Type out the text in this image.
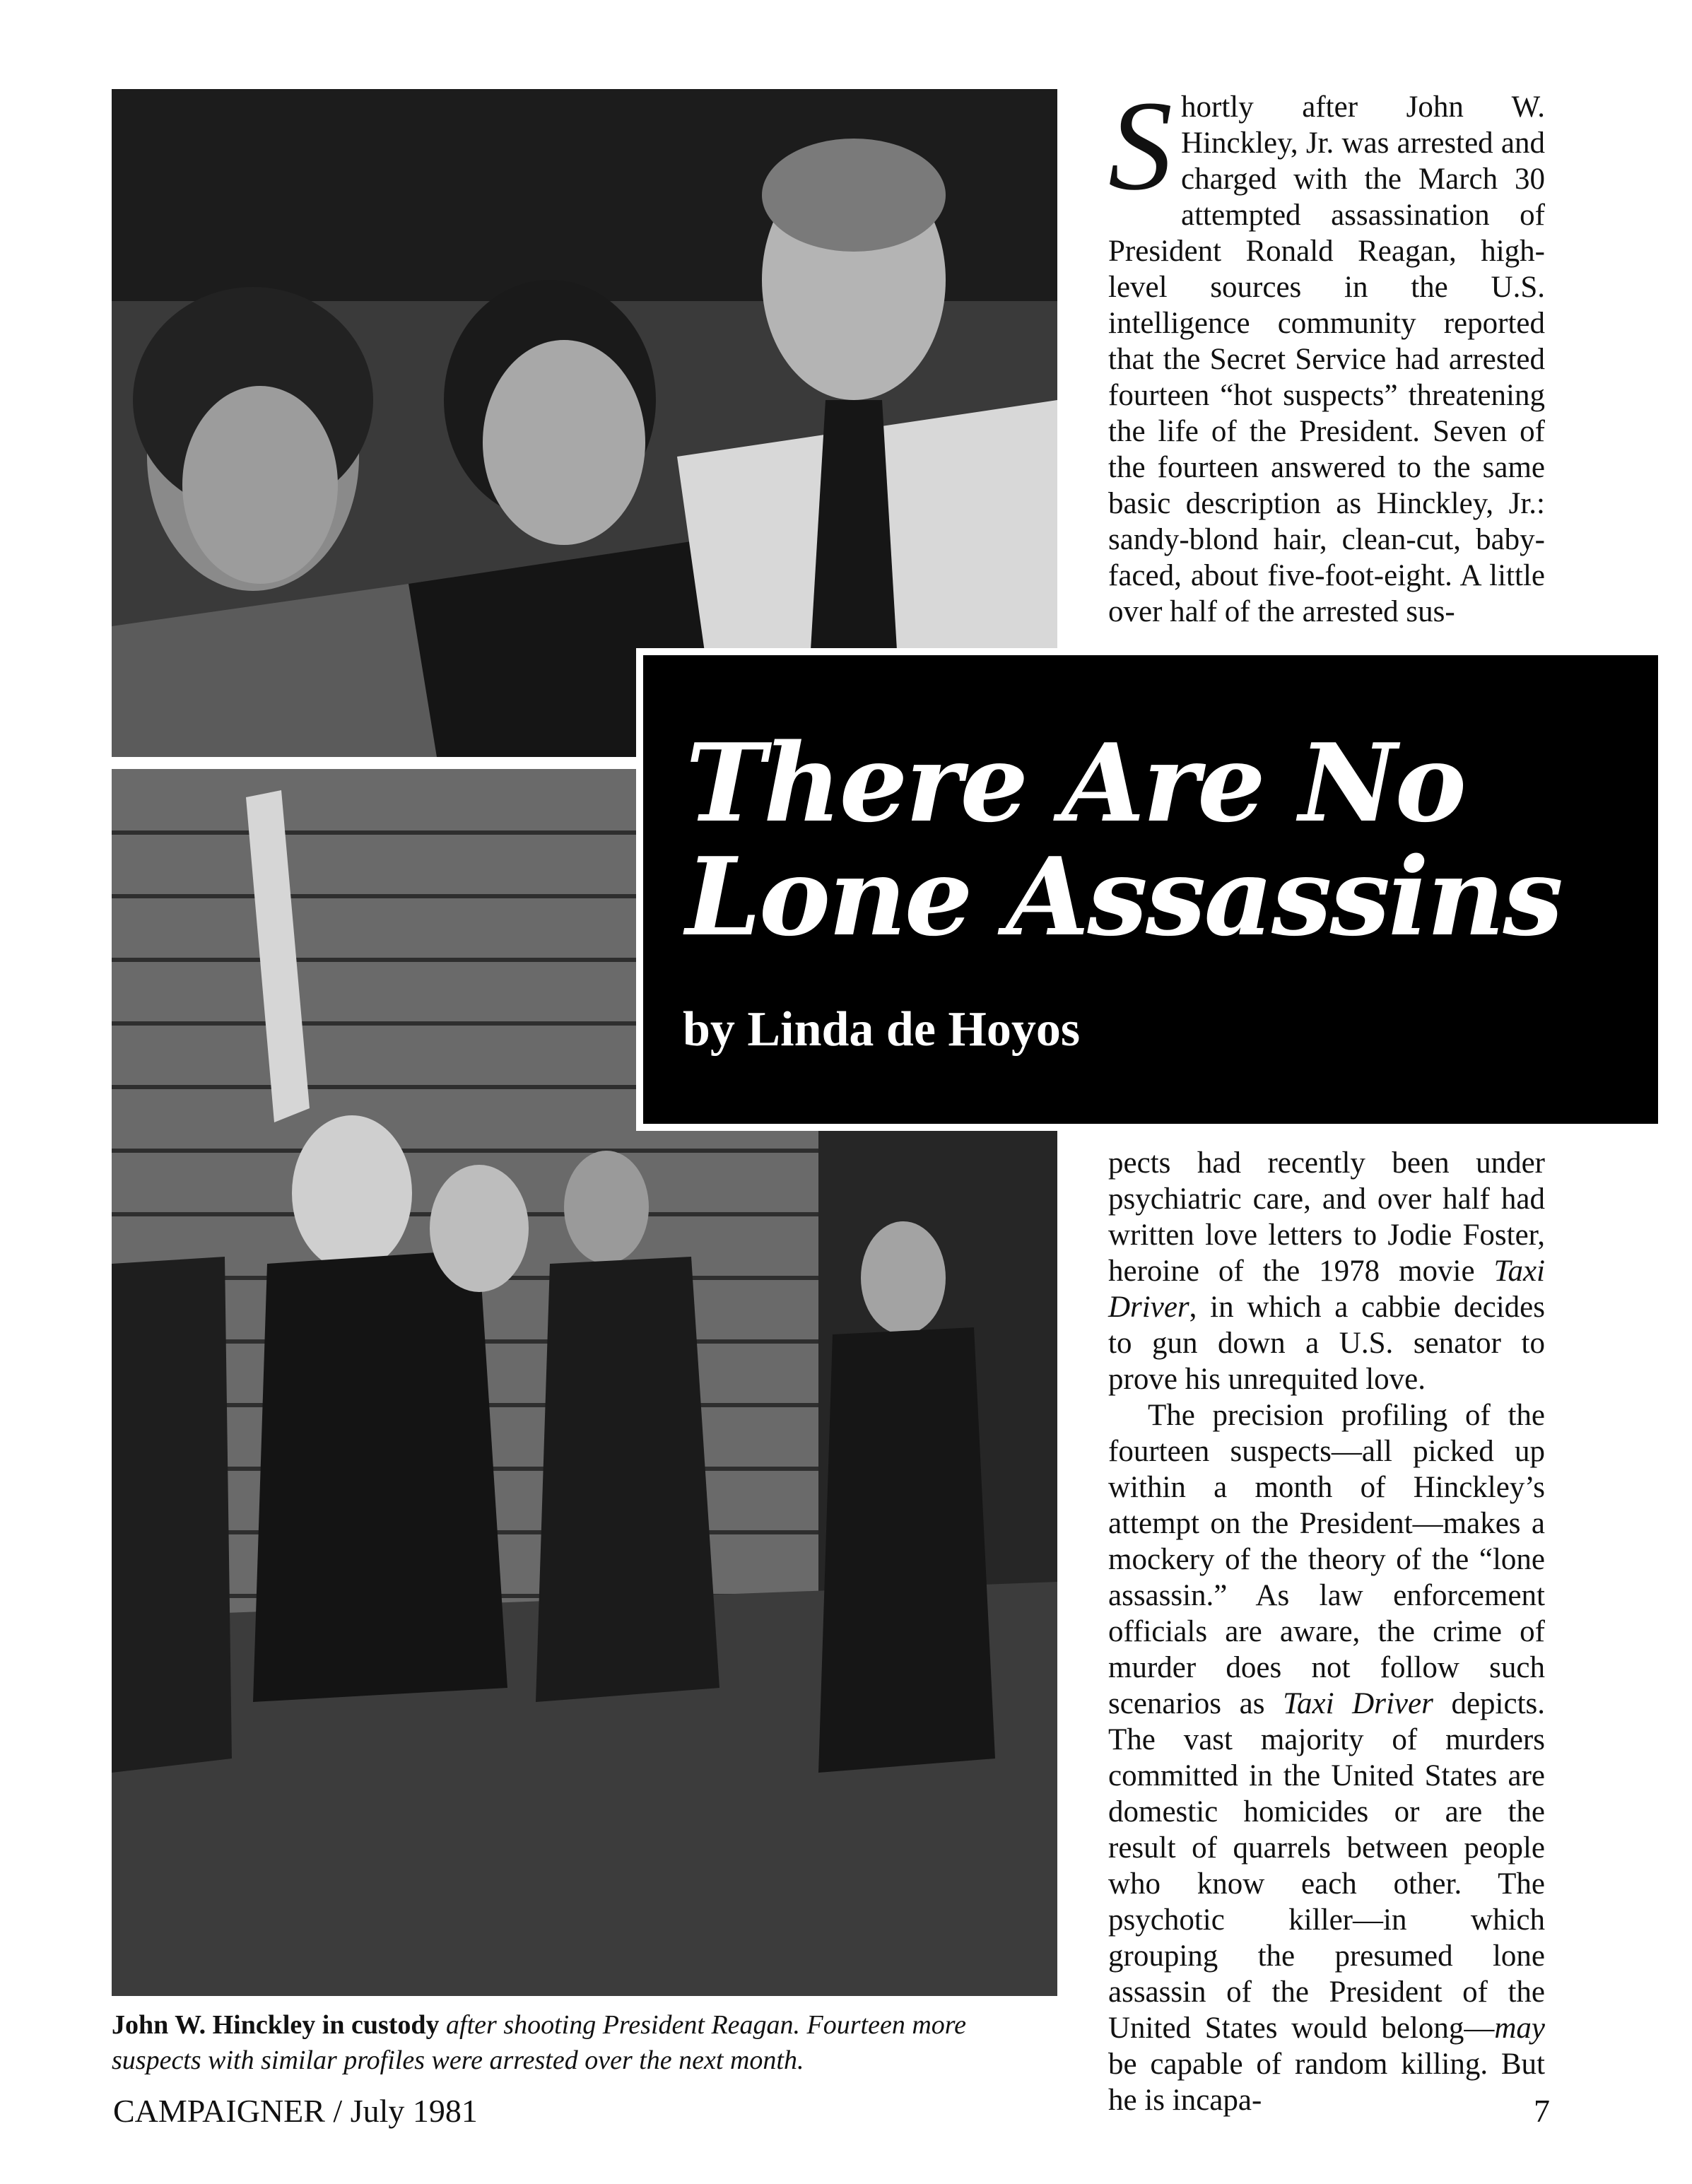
There Are No
Lone Assassins
by Linda de Hoyos

Shortly after John W. Hinckley, Jr. was arrested and charged with the March 30 attempted assassination of President Ronald Reagan, high-level sources in the U.S. intelligence community reported that the Secret Service had arrested fourteen “hot suspects” threatening the life of the President. Seven of the fourteen answered to the same basic description as Hinckley, Jr.: sandy-blond hair, clean-cut, baby-faced, about five-foot-eight. A little over half of the arrested sus-

pects had recently been under psychiatric care, and over half had written love letters to Jodie Foster, heroine of the 1978 movie Taxi Driver, in which a cabbie decides to gun down a U.S. senator to prove his unrequited love.

The precision profiling of the fourteen suspects—all picked up within a month of Hinckley’s attempt on the President—makes a mockery of the theory of the “lone assassin.” As law enforcement officials are aware, the crime of murder does not follow such scenarios as Taxi Driver depicts. The vast majority of murders committed in the United States are domestic homicides or are the result of quarrels between people who know each other. The psychotic killer—in which grouping the presumed lone assassin of the President of the United States would belong—may be capable of random killing. But he is incapa-

John W. Hinckley in custody after shooting President Reagan. Fourteen more suspects with similar profiles were arrested over the next month.
CAMPAIGNER / July 1981	7
